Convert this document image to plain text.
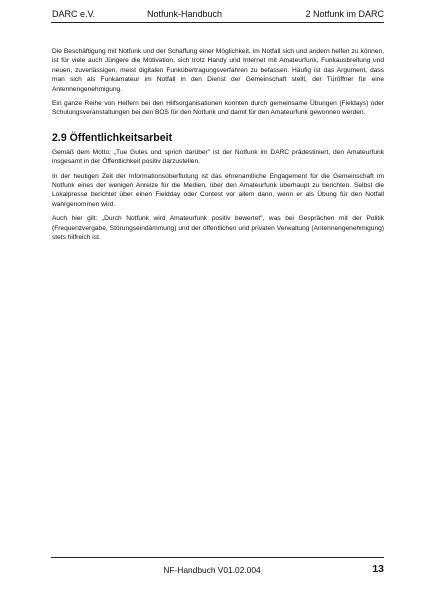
DARC e.V.	Notfunk-Handbuch	2 Notfunk im DARC

Die Beschäftigung mit Notfunk und der Schaffung einer Möglichkeit, im Notfall sich und andern helfen zu können, ist für viele auch Jüngere die Motivation, sich trotz Handy und Internet mit Amateurfunk, Funkausbreitung und neuen, zuverlässigen, meist digitalen Funkübertragungsverfahren zu befassen. Häufig ist das Argument, dass man sich als Funkamateur im Notfall in den Dienst der Gemeinschaft stellt, der Türöffner für eine Antennengenehmigung.

Ein ganze Reihe von Helfern bei den Hilfsorganisationen konnten durch gemeinsame Übungen (Fieldays) oder Schulungsveranstaltungen bei den BOS für den Notfunk und damit für den Amateurfunk gewonnen werden.

2.9 Öffentlichkeitsarbeit

Gemäß dem Motto: „Tue Gutes und sprich darüber" ist der Notfunk im DARC prädestiniert, den Amateurfunk insgesamt in der Öffentlichkeit positiv darzustellen.

In der heutigen Zeit der Informationsüberflutung ist das ehrenamtliche Engagement für die Gemeinschaft im Notfunk eines der wenigen Anreize für die Medien, über den Amateurfunk überhaupt zu berichten. Selbst die Lokalpresse berichtet über einen Fieldday oder Contest vor allem dann, wenn er als Übung für den Notfall wahrgenommen wird.

Auch hier gilt: „Durch Notfunk wird Amateurfunk positiv bewertet", was bei Gesprächen mit der Politik (Frequenzvergabe, Störungseindämmung) und der öffentlichen und privaten Verwaltung (Antennengenehmigung) stets hilfreich ist.

NF-Handbuch V01.02.004	13
